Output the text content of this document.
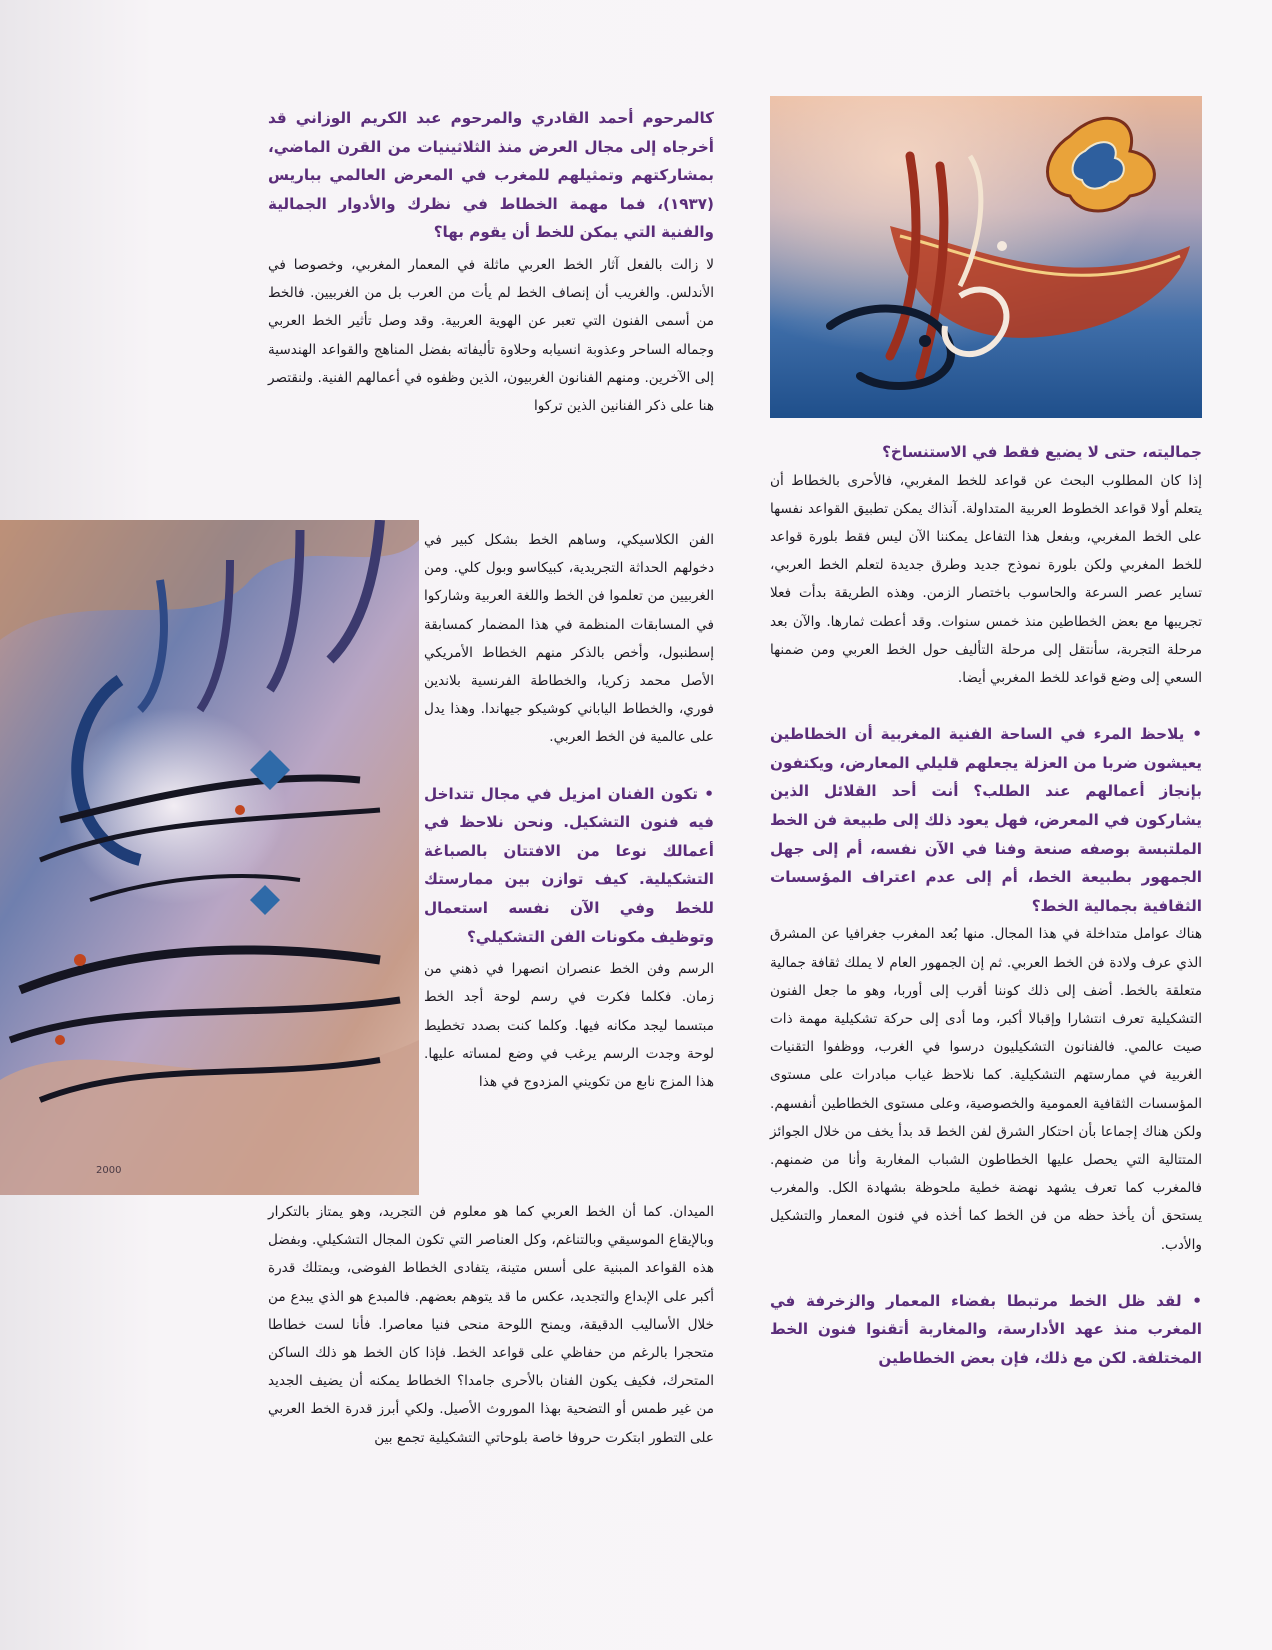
2000

كالمرحوم أحمد القادري والمرحوم عبد الكريم الوزاني قد أخرجاه إلى مجال العرض منذ الثلاثينيات من القرن الماضي، بمشاركتهم وتمثيلهم للمغرب في المعرض العالمي بباريس (١٩٣٧)، فما مهمة الخطاط في نظرك والأدوار الجمالية والفنية التي يمكن للخط أن يقوم بها؟

لا زالت بالفعل آثار الخط العربي ماثلة في المعمار المغربي، وخصوصا في الأندلس. والغريب أن إنصاف الخط لم يأت من العرب بل من الغربيين. فالخط من أسمى الفنون التي تعبر عن الهوية العربية. وقد وصل تأثير الخط العربي وجماله الساحر وعذوبة انسيابه وحلاوة تأليفاته بفضل المناهج والقواعد الهندسية إلى الآخرين. ومنهم الفنانون الغربيون، الذين وظفوه في أعمالهم الفنية. ولنقتصر هنا على ذكر الفنانين الذين تركوا

الفن الكلاسيكي، وساهم الخط بشكل كبير في دخولهم الحداثة التجريدية، كبيكاسو وبول كلي. ومن الغربيين من تعلموا فن الخط واللغة العربية وشاركوا في المسابقات المنظمة في هذا المضمار كمسابقة إسطنبول، وأخص بالذكر منهم الخطاط الأمريكي الأصل محمد زكريا، والخطاطة الفرنسية بلاندين فوري، والخطاط الياباني كوشيكو جيهاندا. وهذا يدل على عالمية فن الخط العربي.

• تكون الفنان امزيل في مجال تتداخل فيه فنون التشكيل. ونحن نلاحظ في أعمالك نوعا من الافتتان بالصباغة التشكيلية. كيف توازن بين ممارستك للخط وفي الآن نفسه استعمال وتوظيف مكونات الفن التشكيلي؟

الرسم وفن الخط عنصران انصهرا في ذهني من زمان. فكلما فكرت في رسم لوحة أجد الخط مبتسما ليجد مكانه فيها. وكلما كنت بصدد تخطيط لوحة وجدت الرسم يرغب في وضع لمساته عليها. هذا المزج نابع من تكويني المزدوج في هذا

الميدان. كما أن الخط العربي كما هو معلوم فن التجريد، وهو يمتاز بالتكرار وبالإيقاع الموسيقي وبالتناغم، وكل العناصر التي تكون المجال التشكيلي. وبفضل هذه القواعد المبنية على أسس متينة، يتفادى الخطاط الفوضى، ويمتلك قدرة أكبر على الإبداع والتجديد، عكس ما قد يتوهم بعضهم. فالمبدع هو الذي يبدع من خلال الأساليب الدقيقة، ويمنح اللوحة منحى فنيا معاصرا. فأنا لست خطاطا متحجرا بالرغم من حفاظي على قواعد الخط. فإذا كان الخط هو ذلك الساكن المتحرك، فكيف يكون الفنان بالأحرى جامدا؟ الخطاط يمكنه أن يضيف الجديد من غير طمس أو التضحية بهذا الموروث الأصيل. ولكي أبرز قدرة الخط العربي على التطور ابتكرت حروفا خاصة بلوحاتي التشكيلية تجمع بين

جماليته، حتى لا يضيع فقط في الاستنساخ؟

إذا كان المطلوب البحث عن قواعد للخط المغربي، فالأحرى بالخطاط أن يتعلم أولا قواعد الخطوط العربية المتداولة. آنذاك يمكن تطبيق القواعد نفسها على الخط المغربي، وبفعل هذا التفاعل يمكننا الآن ليس فقط بلورة قواعد للخط المغربي ولكن بلورة نموذج جديد وطرق جديدة لتعلم الخط العربي، تساير عصر السرعة والحاسوب باختصار الزمن. وهذه الطريقة بدأت فعلا تجريبها مع بعض الخطاطين منذ خمس سنوات. وقد أعطت ثمارها. والآن بعد مرحلة التجربة، سأنتقل إلى مرحلة التأليف حول الخط العربي ومن ضمنها السعي إلى وضع قواعد للخط المغربي أيضا.

• يلاحظ المرء في الساحة الفنية المغربية أن الخطاطين يعيشون ضربا من العزلة يجعلهم قليلي المعارض، ويكتفون بإنجاز أعمالهم عند الطلب؟ أنت أحد القلائل الذين يشاركون في المعرض، فهل يعود ذلك إلى طبيعة فن الخط الملتبسة بوصفه صنعة وفنا في الآن نفسه، أم إلى جهل الجمهور بطبيعة الخط، أم إلى عدم اعتراف المؤسسات الثقافية بجمالية الخط؟

هناك عوامل متداخلة في هذا المجال. منها بُعد المغرب جغرافيا عن المشرق الذي عرف ولادة فن الخط العربي. ثم إن الجمهور العام لا يملك ثقافة جمالية متعلقة بالخط. أضف إلى ذلك كوننا أقرب إلى أوربا، وهو ما جعل الفنون التشكيلية تعرف انتشارا وإقبالا أكبر، وما أدى إلى حركة تشكيلية مهمة ذات صيت عالمي. فالفنانون التشكيليون درسوا في الغرب، ووظفوا التقنيات الغربية في ممارستهم التشكيلية. كما نلاحظ غياب مبادرات على مستوى المؤسسات الثقافية العمومية والخصوصية، وعلى مستوى الخطاطين أنفسهم. ولكن هناك إجماعا بأن احتكار الشرق لفن الخط قد بدأ يخف من خلال الجوائز المتتالية التي يحصل عليها الخطاطون الشباب المغاربة وأنا من ضمنهم. فالمغرب كما تعرف يشهد نهضة خطية ملحوظة بشهادة الكل. والمغرب يستحق أن يأخذ حظه من فن الخط كما أخذه في فنون المعمار والتشكيل والأدب.

• لقد ظل الخط مرتبطا بفضاء المعمار والزخرفة في المغرب منذ عهد الأدارسة، والمغاربة أتقنوا فنون الخط المختلفة. لكن مع ذلك، فإن بعض الخطاطين
